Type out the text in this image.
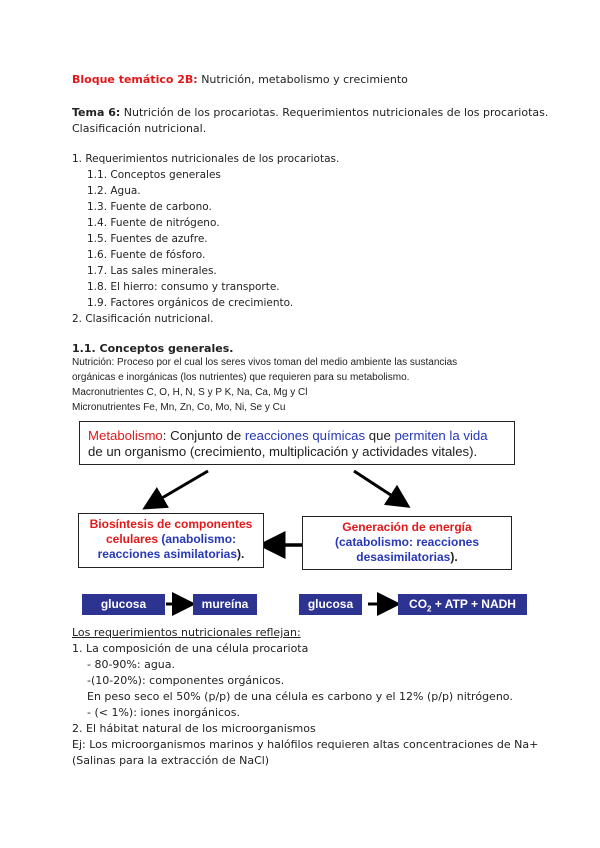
Bloque temático 2B: Nutrición, metabolismo y crecimiento
Tema 6: Nutrición de los procariotas. Requerimientos nutricionales de los procariotas.
Clasificación nutricional.
1. Requerimientos nutricionales de los procariotas.
1.1. Conceptos generales
1.2. Agua.
1.3. Fuente de carbono.
1.4. Fuente de nitrógeno.
1.5. Fuentes de azufre.
1.6. Fuente de fósforo.
1.7. Las sales minerales.
1.8. El hierro: consumo y transporte.
1.9. Factores orgánicos de crecimiento.
2. Clasificación nutricional.
1.1. Conceptos generales.
Nutrición: Proceso por el cual los seres vivos toman del medio ambiente las sustancias
orgánicas e inorgánicas (los nutrientes) que requieren para su metabolismo.
Macronutrientes C, O, H, N, S y P K, Na, Ca, Mg y Cl
Micronutrientes Fe, Mn, Zn, Co, Mo, Ni, Se y Cu
Metabolismo: Conjunto de reacciones químicas que permiten la vida
de un organismo (crecimiento, multiplicación y actividades vitales).
Biosíntesis de componentes
celulares (anabolismo:
reacciones asimilatorias).
Generación de energía
(catabolismo: reacciones
desasimilatorias).
glucosa	mureína	glucosa	$CO_2$ + ATP + NADH
Los requerimientos nutricionales reflejan:
1. La composición de una célula procariota
- 80-90%: agua.
-(10-20%): componentes orgánicos.
En peso seco el 50% (p/p) de una célula es carbono y el 12% (p/p) nitrógeno.
- (< 1%): iones inorgánicos.
2. El hábitat natural de los microorganismos
Ej: Los microorganismos marinos y halófilos requieren altas concentraciones de Na+
(Salinas para la extracción de NaCl)
